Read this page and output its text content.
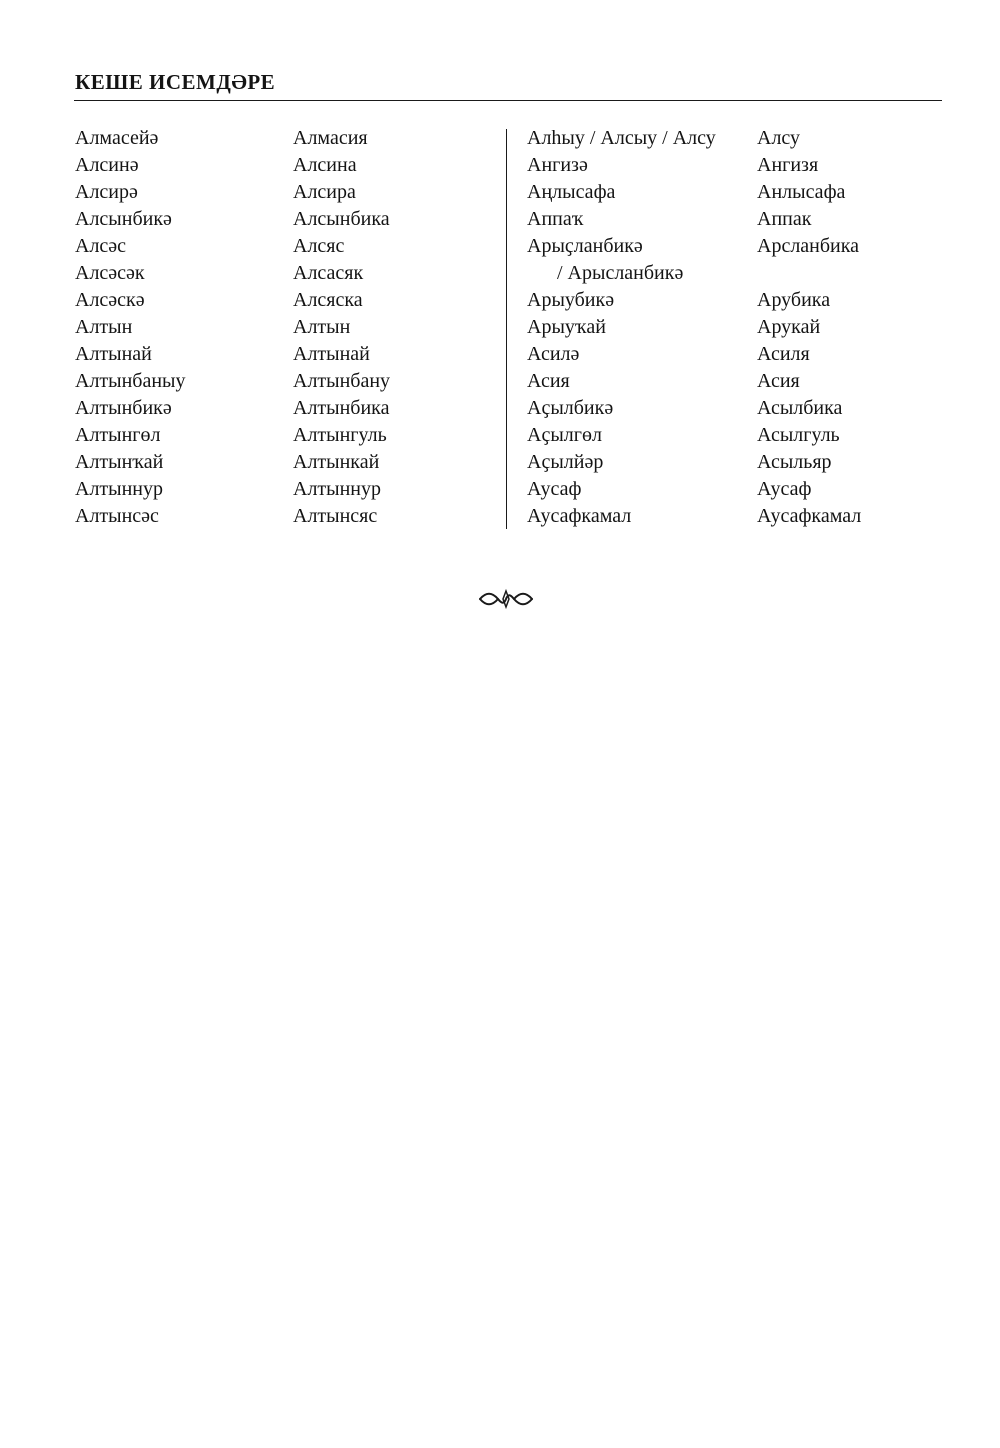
КЕШЕ ИСЕМДӘРЕ
Алмасейә
Алсинә
Алсирә
Алсынбикә
Алсәс
Алсәсәк
Алсәскә
Алтын
Алтынай
Алтынбаныу
Алтынбикә
Алтынгөл
Алтынҡай
Алтыннур
Алтынсәс
Алмасия
Алсина
Алсира
Алсынбика
Алсяс
Алсасяк
Алсяска
Алтын
Алтынай
Алтынбану
Алтынбика
Алтынгуль
Алтынкай
Алтыннур
Алтынсяс
Алһыу / Алсыу / Алсу
Ангизә
Аңлысафа
Аппаҡ
Арыҫланбикә
/ Арысланбикә
Арыубикә
Арыуҡай
Асилә
Асия
Аҫылбикә
Аҫылгөл
Аҫылйәр
Аусаф
Аусафкамал
Алсу
Ангизя
Анлысафа
Аппак
Арсланбика
Арубика
Арукай
Асиля
Асия
Асылбика
Асылгуль
Асыльяр
Аусаф
Аусафкамал
